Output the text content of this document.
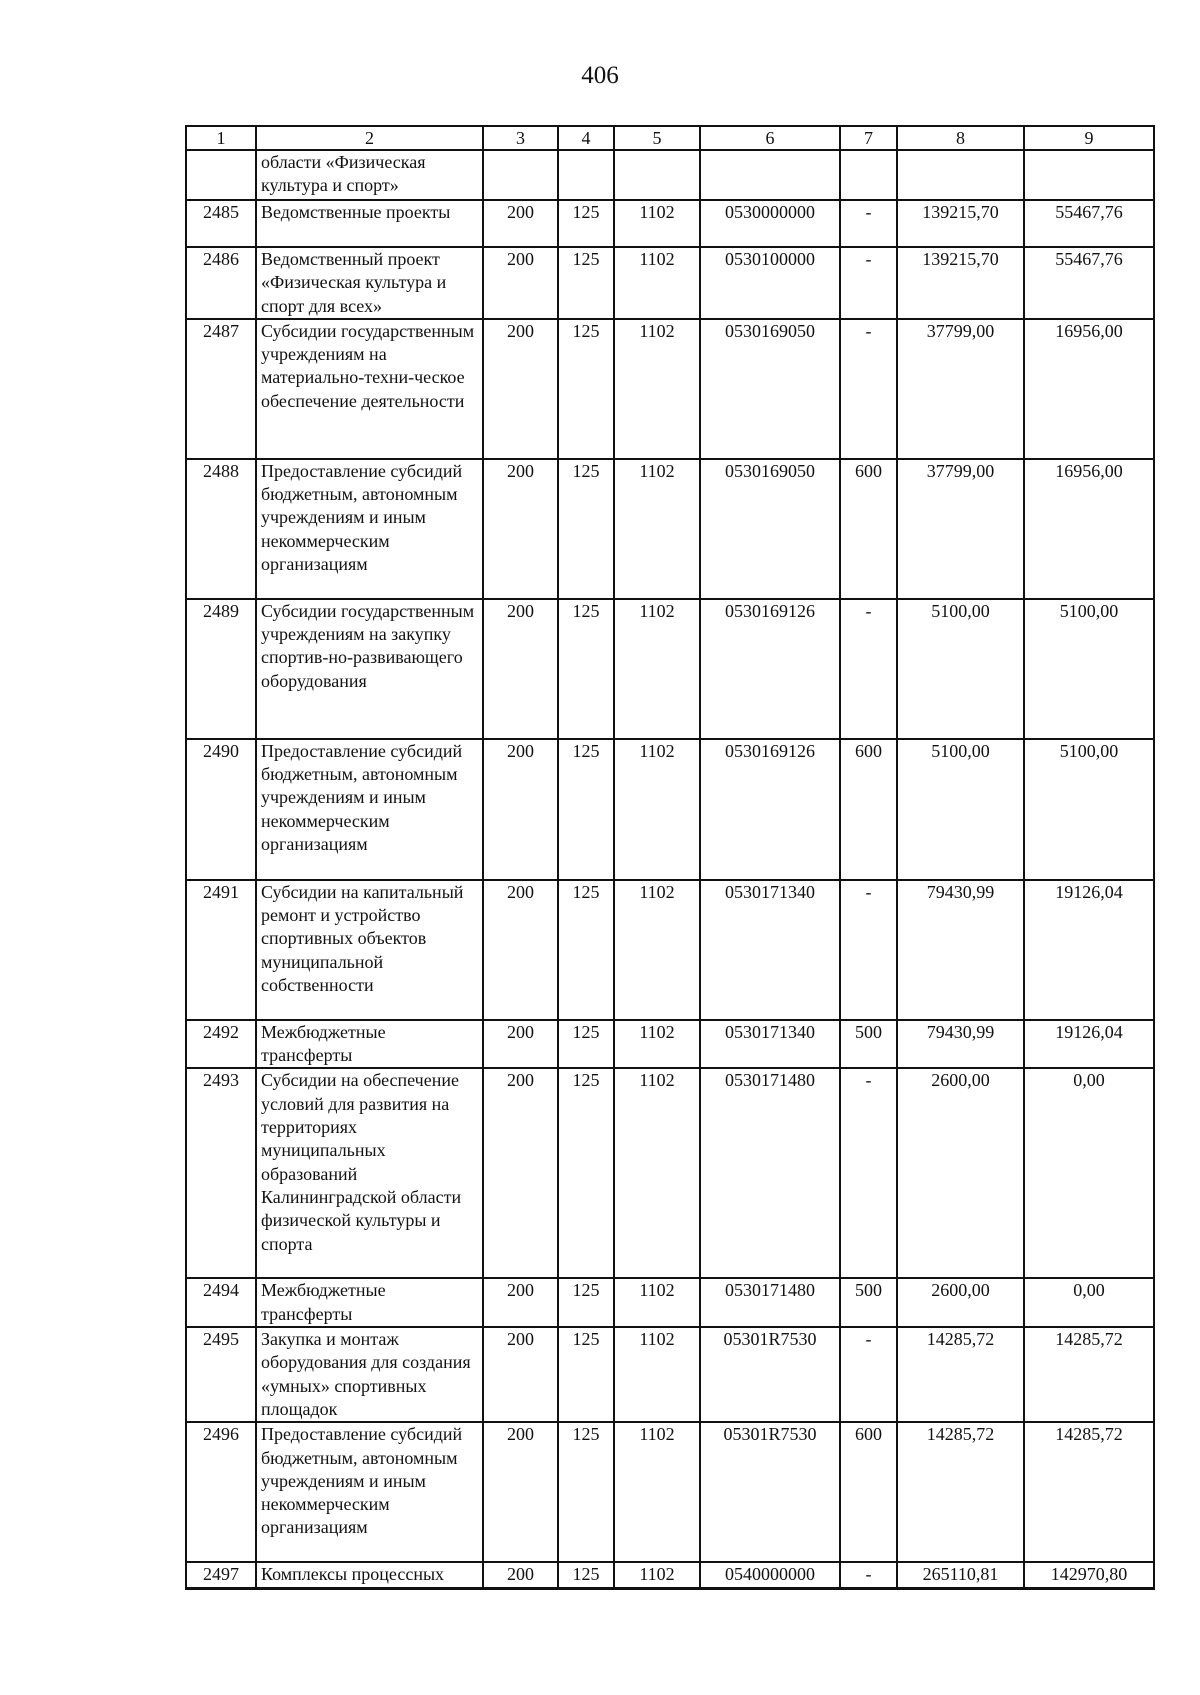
406
1	2	3	4	5	6	7	8	9
	области «Физическая культура и спорт»							
2485	Ведомственные проекты	200	125	1102	0530000000	-	139215,70	55467,76
2486	Ведомственный проект «Физическая культура и спорт для всех»	200	125	1102	0530100000	-	139215,70	55467,76
2487	Субсидии государственным учреждениям на материально-техни-ческое обеспечение деятельности	200	125	1102	0530169050	-	37799,00	16956,00
2488	Предоставление субсидий бюджетным, автономным учреждениям и иным некоммерческим организациям	200	125	1102	0530169050	600	37799,00	16956,00
2489	Субсидии государственным учреждениям на закупку спортив-но-развивающего оборудования	200	125	1102	0530169126	-	5100,00	5100,00
2490	Предоставление субсидий бюджетным, автономным учреждениям и иным некоммерческим организациям	200	125	1102	0530169126	600	5100,00	5100,00
2491	Субсидии на капитальный ремонт и устройство спортивных объектов муниципальной собственности	200	125	1102	0530171340	-	79430,99	19126,04
2492	Межбюджетные трансферты	200	125	1102	0530171340	500	79430,99	19126,04
2493	Субсидии на обеспечение условий для развития на территориях муниципальных образований Калининградской области физической культуры и спорта	200	125	1102	0530171480	-	2600,00	0,00
2494	Межбюджетные трансферты	200	125	1102	0530171480	500	2600,00	0,00
2495	Закупка и монтаж оборудования для создания «умных» спортивных площадок	200	125	1102	05301R7530	-	14285,72	14285,72
2496	Предоставление субсидий бюджетным, автономным учреждениям и иным некоммерческим организациям	200	125	1102	05301R7530	600	14285,72	14285,72
2497	Комплексы процессных	200	125	1102	0540000000	-	265110,81	142970,80
